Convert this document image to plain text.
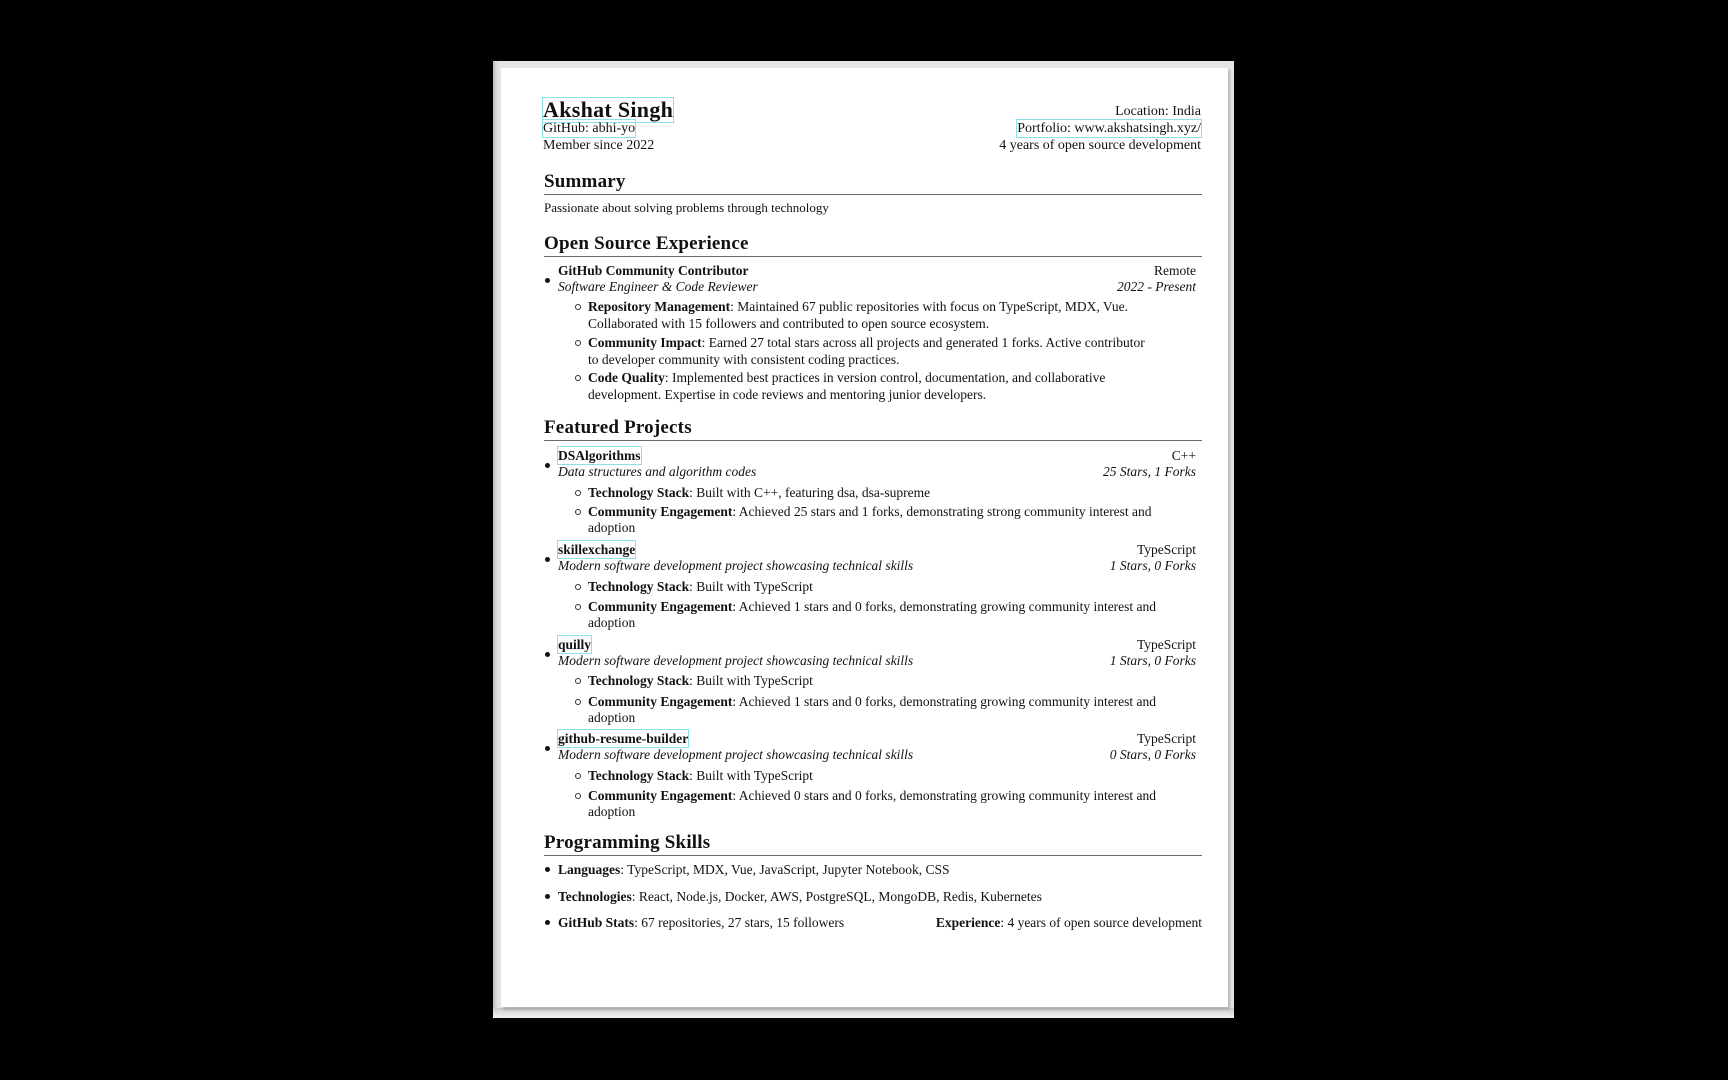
Akshat Singh
GitHub: abhi-yo
Member since 2022
Location: India
Portfolio: www.akshatsingh.xyz/
4 years of open source development
Summary
Passionate about solving problems through technology
Open Source Experience
GitHub Community Contributor	Remote
Software Engineer & Code Reviewer	2022 - Present
Repository Management: Maintained 67 public repositories with focus on TypeScript, MDX, Vue.
Collaborated with 15 followers and contributed to open source ecosystem.
Community Impact: Earned 27 total stars across all projects and generated 1 forks. Active contributor
to developer community with consistent coding practices.
Code Quality: Implemented best practices in version control, documentation, and collaborative
development. Expertise in code reviews and mentoring junior developers.
Featured Projects
DSAlgorithms	C++
Data structures and algorithm codes	25 Stars, 1 Forks
Technology Stack: Built with C++, featuring dsa, dsa-supreme
Community Engagement: Achieved 25 stars and 1 forks, demonstrating strong community interest and
adoption
skillexchange	TypeScript
Modern software development project showcasing technical skills	1 Stars, 0 Forks
Technology Stack: Built with TypeScript
Community Engagement: Achieved 1 stars and 0 forks, demonstrating growing community interest and
adoption
quilly	TypeScript
Modern software development project showcasing technical skills	1 Stars, 0 Forks
Technology Stack: Built with TypeScript
Community Engagement: Achieved 1 stars and 0 forks, demonstrating growing community interest and
adoption
github-resume-builder	TypeScript
Modern software development project showcasing technical skills	0 Stars, 0 Forks
Technology Stack: Built with TypeScript
Community Engagement: Achieved 0 stars and 0 forks, demonstrating growing community interest and
adoption
Programming Skills
Languages: TypeScript, MDX, Vue, JavaScript, Jupyter Notebook, CSS
Technologies: React, Node.js, Docker, AWS, PostgreSQL, MongoDB, Redis, Kubernetes
GitHub Stats: 67 repositories, 27 stars, 15 followers	Experience: 4 years of open source development
